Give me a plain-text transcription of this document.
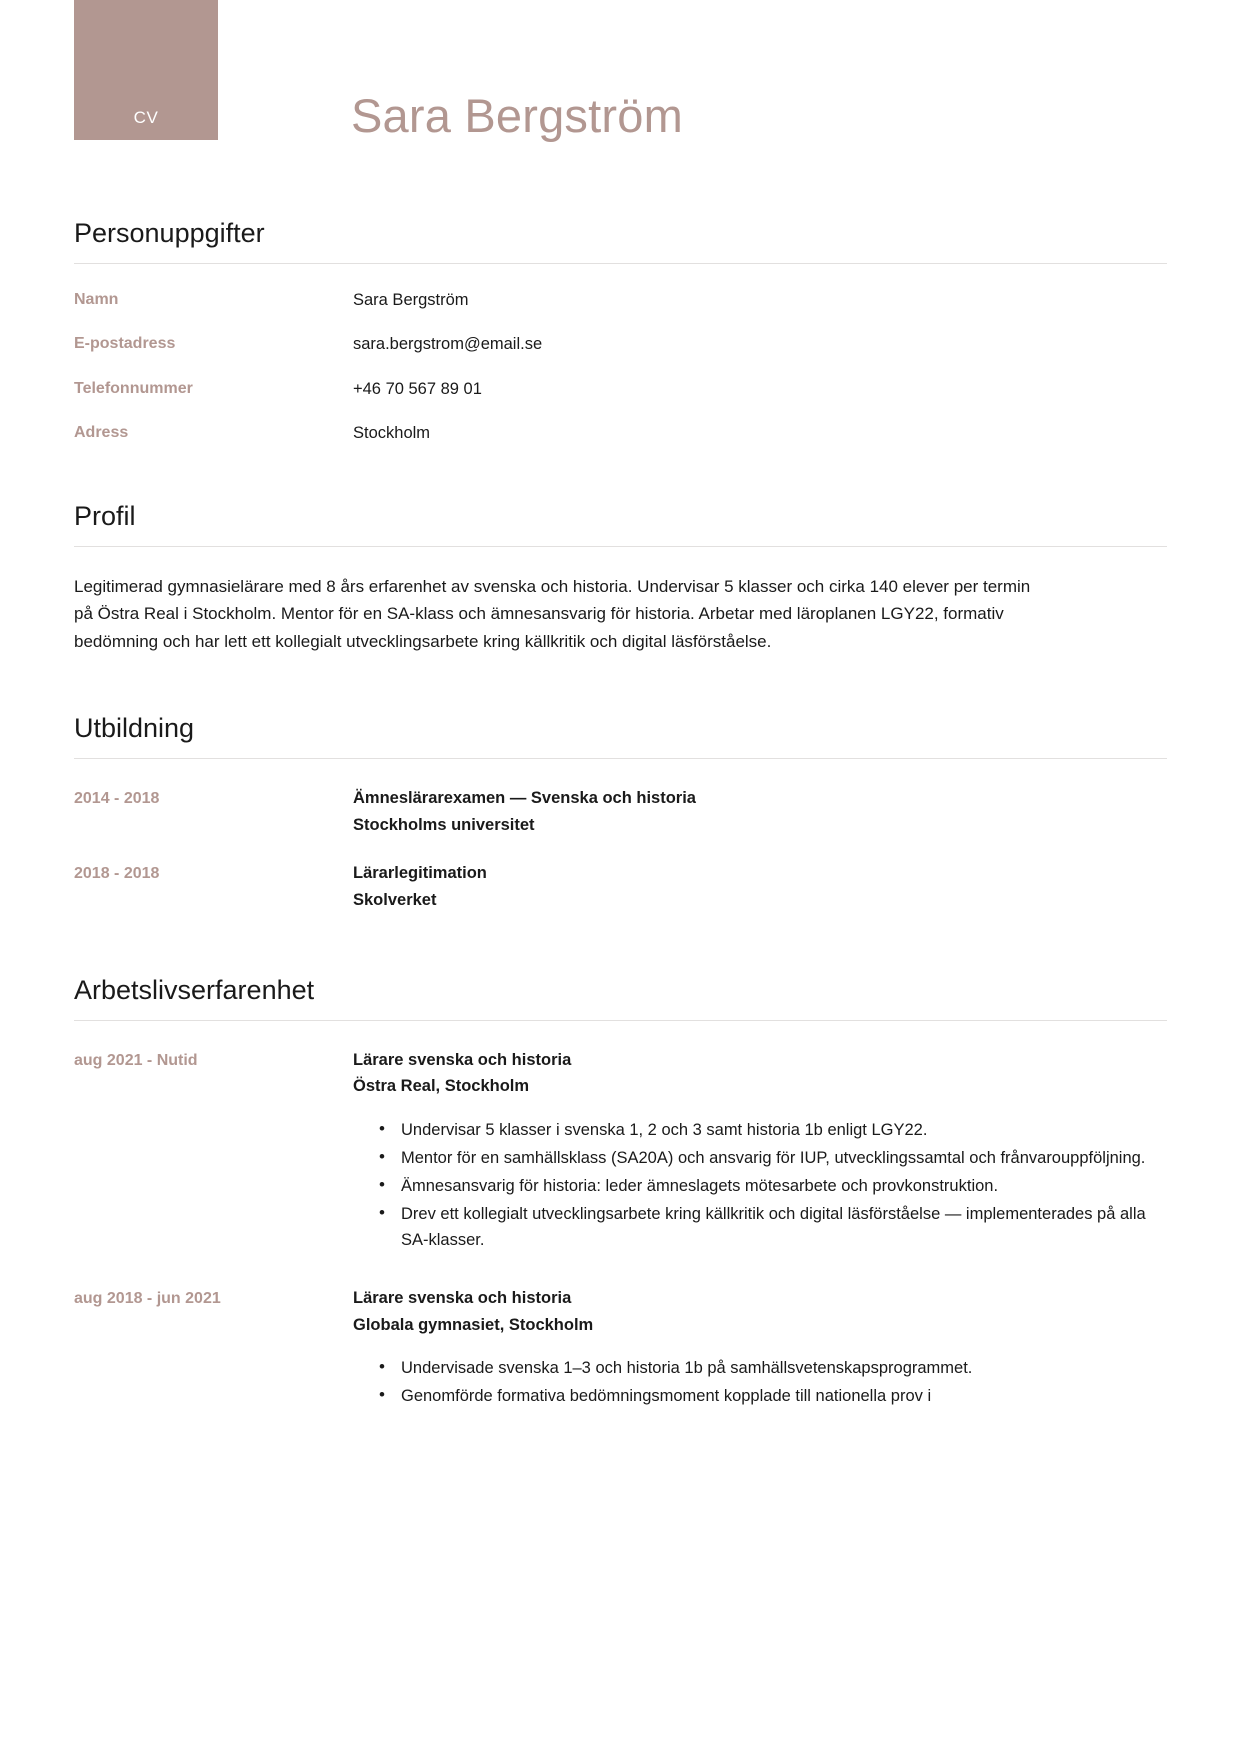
CV	Sara Bergström
Personuppgifter
Namn	Sara Bergström
E-postadress	sara.bergstrom@email.se
Telefonnummer	+46 70 567 89 01
Adress	Stockholm
Profil

Legitimerad gymnasielärare med 8 års erfarenhet av svenska och historia. Undervisar 5 klasser och cirka 140 elever per termin på Östra Real i Stockholm. Mentor för en SA-klass och ämnesansvarig för historia. Arbetar med läroplanen LGY22, formativ bedömning och har lett ett kollegialt utvecklingsarbete kring källkritik och digital läsförståelse.

Utbildning
2014 - 2018	Ämneslärarexamen — Svenska och historia
Stockholms universitet
2018 - 2018	Lärarlegitimation
Skolverket
Arbetslivserfarenhet
aug 2021 - Nutid	Lärare svenska och historia
Östra Real, Stockholm
• Undervisar 5 klasser i svenska 1, 2 och 3 samt historia 1b enligt LGY22.
• Mentor för en samhällsklass (SA20A) och ansvarig för IUP, utvecklingssamtal och frånvarouppföljning.
• Ämnesansvarig för historia: leder ämneslagets mötesarbete och provkonstruktion.
• Drev ett kollegialt utvecklingsarbete kring källkritik och digital läsförståelse — implementerades på alla SA-klasser.
aug 2018 - jun 2021	Lärare svenska och historia
Globala gymnasiet, Stockholm
• Undervisade svenska 1–3 och historia 1b på samhällsvetenskapsprogrammet.
• Genomförde formativa bedömningsmoment kopplade till nationella prov i
